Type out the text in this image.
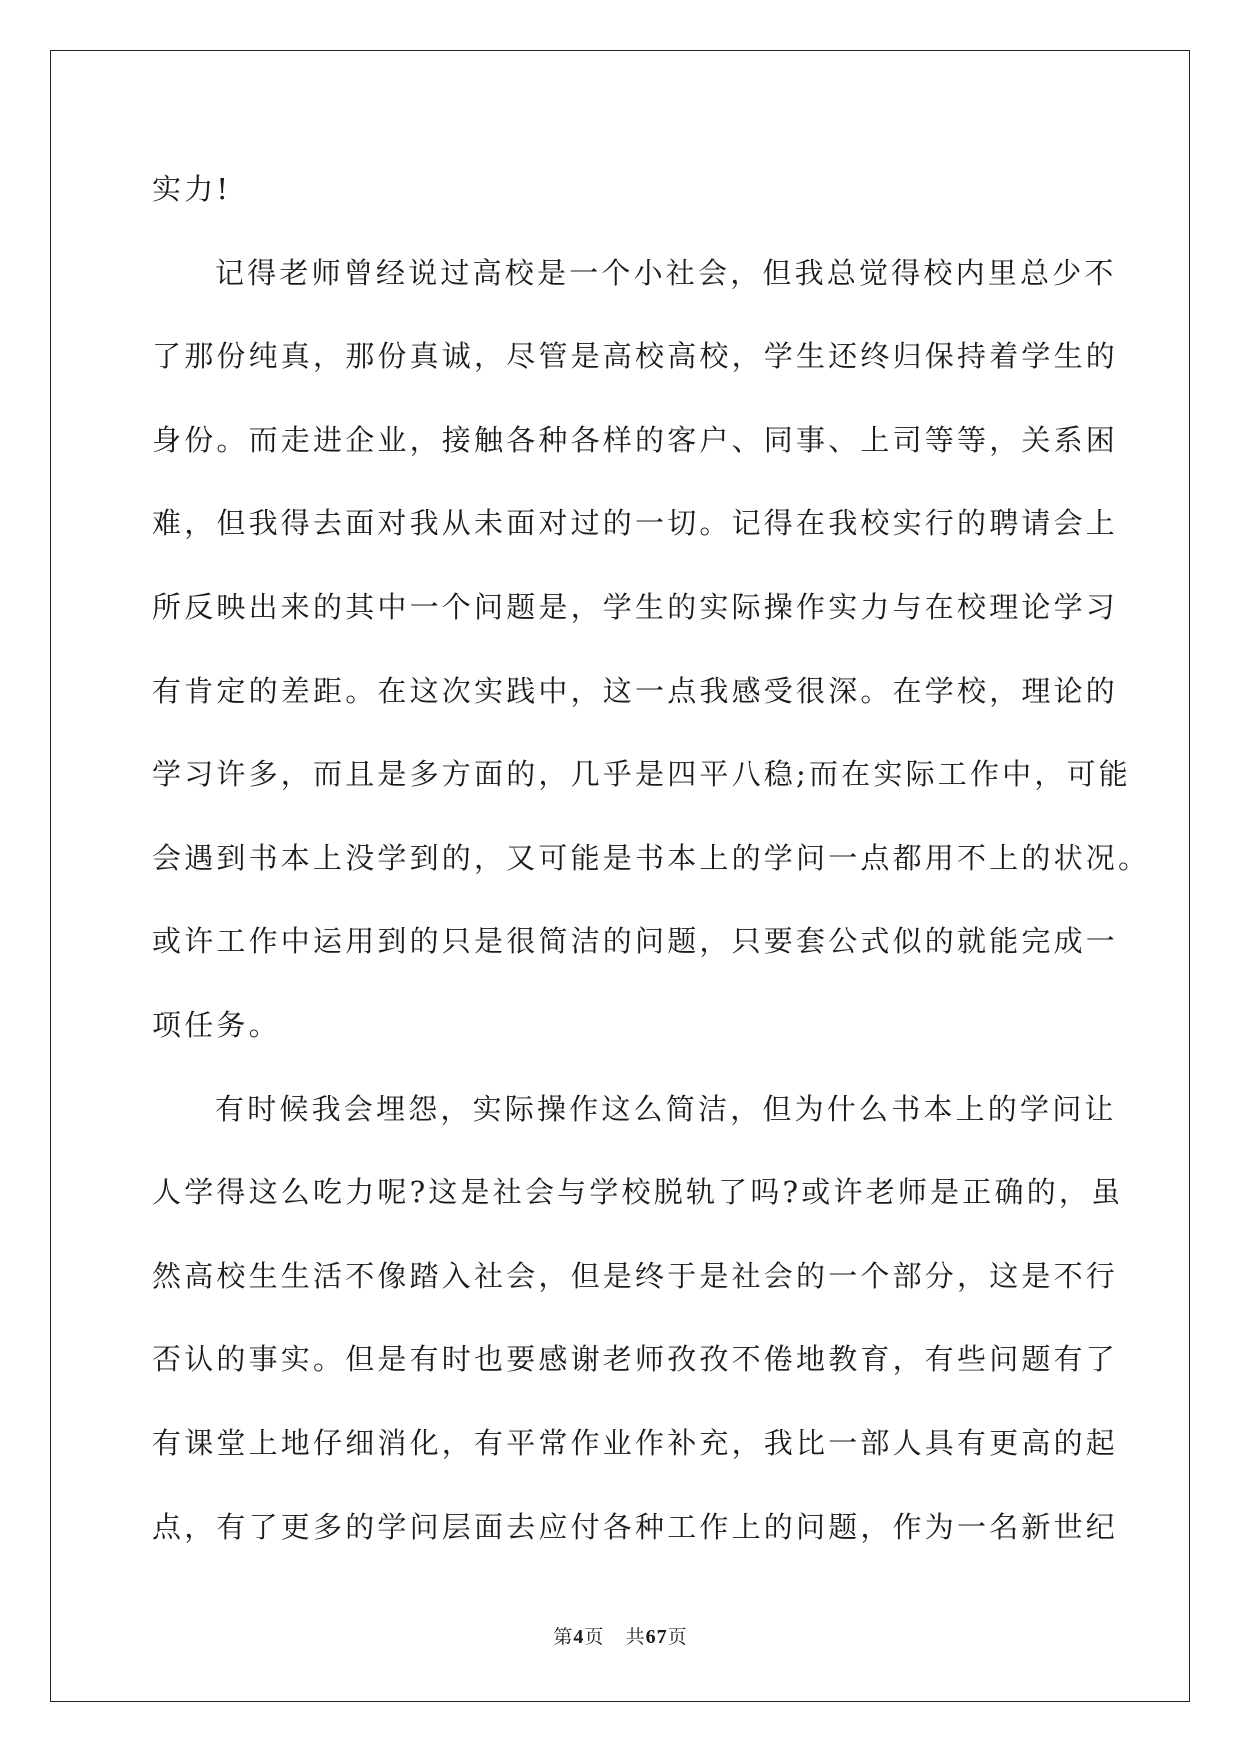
实力!
记得老师曾经说过高校是一个小社会，但我总觉得校内里总少不
了那份纯真，那份真诚，尽管是高校高校，学生还终归保持着学生的
身份。而走进企业，接触各种各样的客户、同事、上司等等，关系困
难，但我得去面对我从未面对过的一切。记得在我校实行的聘请会上
所反映出来的其中一个问题是，学生的实际操作实力与在校理论学习
有肯定的差距。在这次实践中，这一点我感受很深。在学校，理论的
学习许多，而且是多方面的，几乎是四平八稳;而在实际工作中，可能
会遇到书本上没学到的，又可能是书本上的学问一点都用不上的状况。
或许工作中运用到的只是很简洁的问题，只要套公式似的就能完成一
项任务。
有时候我会埋怨，实际操作这么简洁，但为什么书本上的学问让
人学得这么吃力呢?这是社会与学校脱轨了吗?或许老师是正确的，虽
然高校生生活不像踏入社会，但是终于是社会的一个部分，这是不行
否认的事实。但是有时也要感谢老师孜孜不倦地教育，有些问题有了
有课堂上地仔细消化，有平常作业作补充，我比一部人具有更高的起
点，有了更多的学问层面去应付各种工作上的问题，作为一名新世纪
第4页 共67页
